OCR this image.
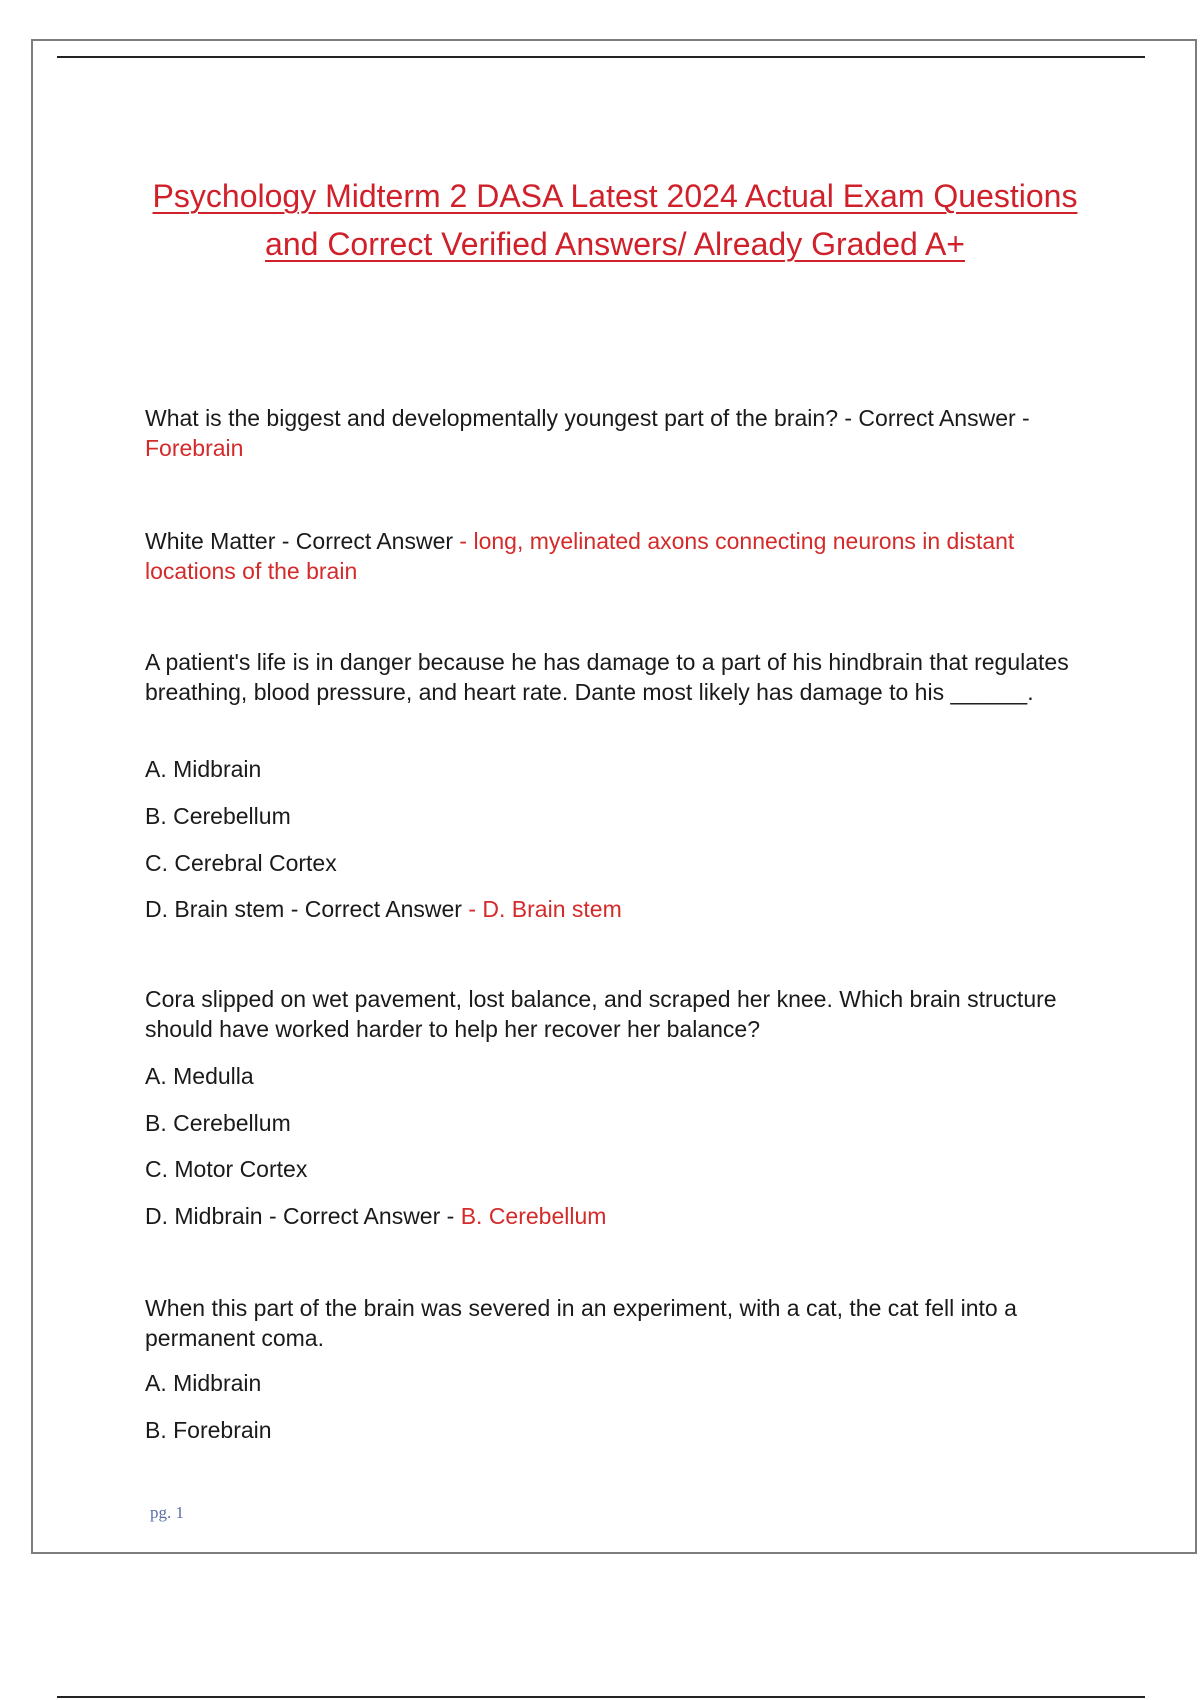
Psychology Midterm 2 DASA Latest 2024 Actual Exam Questions
and Correct Verified Answers/ Already Graded A+
What is the biggest and developmentally youngest part of the brain? - Correct Answer -
Forebrain
White Matter - Correct Answer - long, myelinated axons connecting neurons in distant locations of the brain
A patient's life is in danger because he has damage to a part of his hindbrain that regulates breathing, blood pressure, and heart rate. Dante most likely has damage to his ______.
A. Midbrain
B. Cerebellum
C. Cerebral Cortex
D. Brain stem - Correct Answer - D. Brain stem
Cora slipped on wet pavement, lost balance, and scraped her knee. Which brain structure should have worked harder to help her recover her balance?
A. Medulla
B. Cerebellum
C. Motor Cortex
D. Midbrain - Correct Answer - B. Cerebellum
When this part of the brain was severed in an experiment, with a cat, the cat fell into a permanent coma.
A. Midbrain
B. Forebrain
pg. 1
